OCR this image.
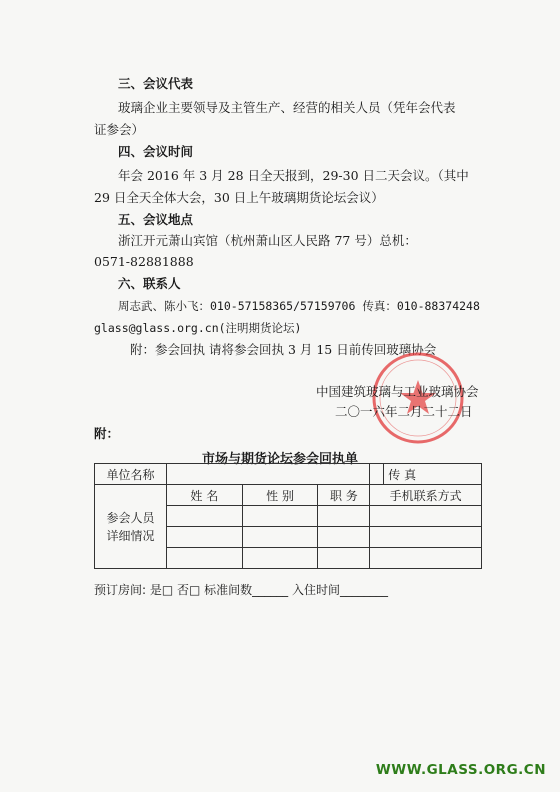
三、会议代表
玻璃企业主要领导及主管生产、经营的相关人员（凭年会代表
证参会）
四、会议时间
年会 2016 年 3 月 28 日全天报到，29-30 日二天会议。（其中
29 日全天全体大会，30 日上午玻璃期货论坛会议）
五、会议地点
浙江开元萧山宾馆（杭州萧山区人民路 77 号）总机：
0571-82881888
六、联系人
周志武、陈小飞：010-57158365/57159706 传真：010-88374248
glass@glass.org.cn(注明期货论坛)
附：参会回执 请将参会回执 3 月 15 日前传回玻璃协会
中国建筑玻璃与工业玻璃协会
二〇一六年二月二十二日
附：
市场与期货论坛参会回执单
单位名称					传 真
参会人员详细情况	姓 名	性 别	职 务	手机联系方式	

预订房间: 是□ 否□ 标准间数______ 入住时间________
WWW.GLASS.ORG.CN
